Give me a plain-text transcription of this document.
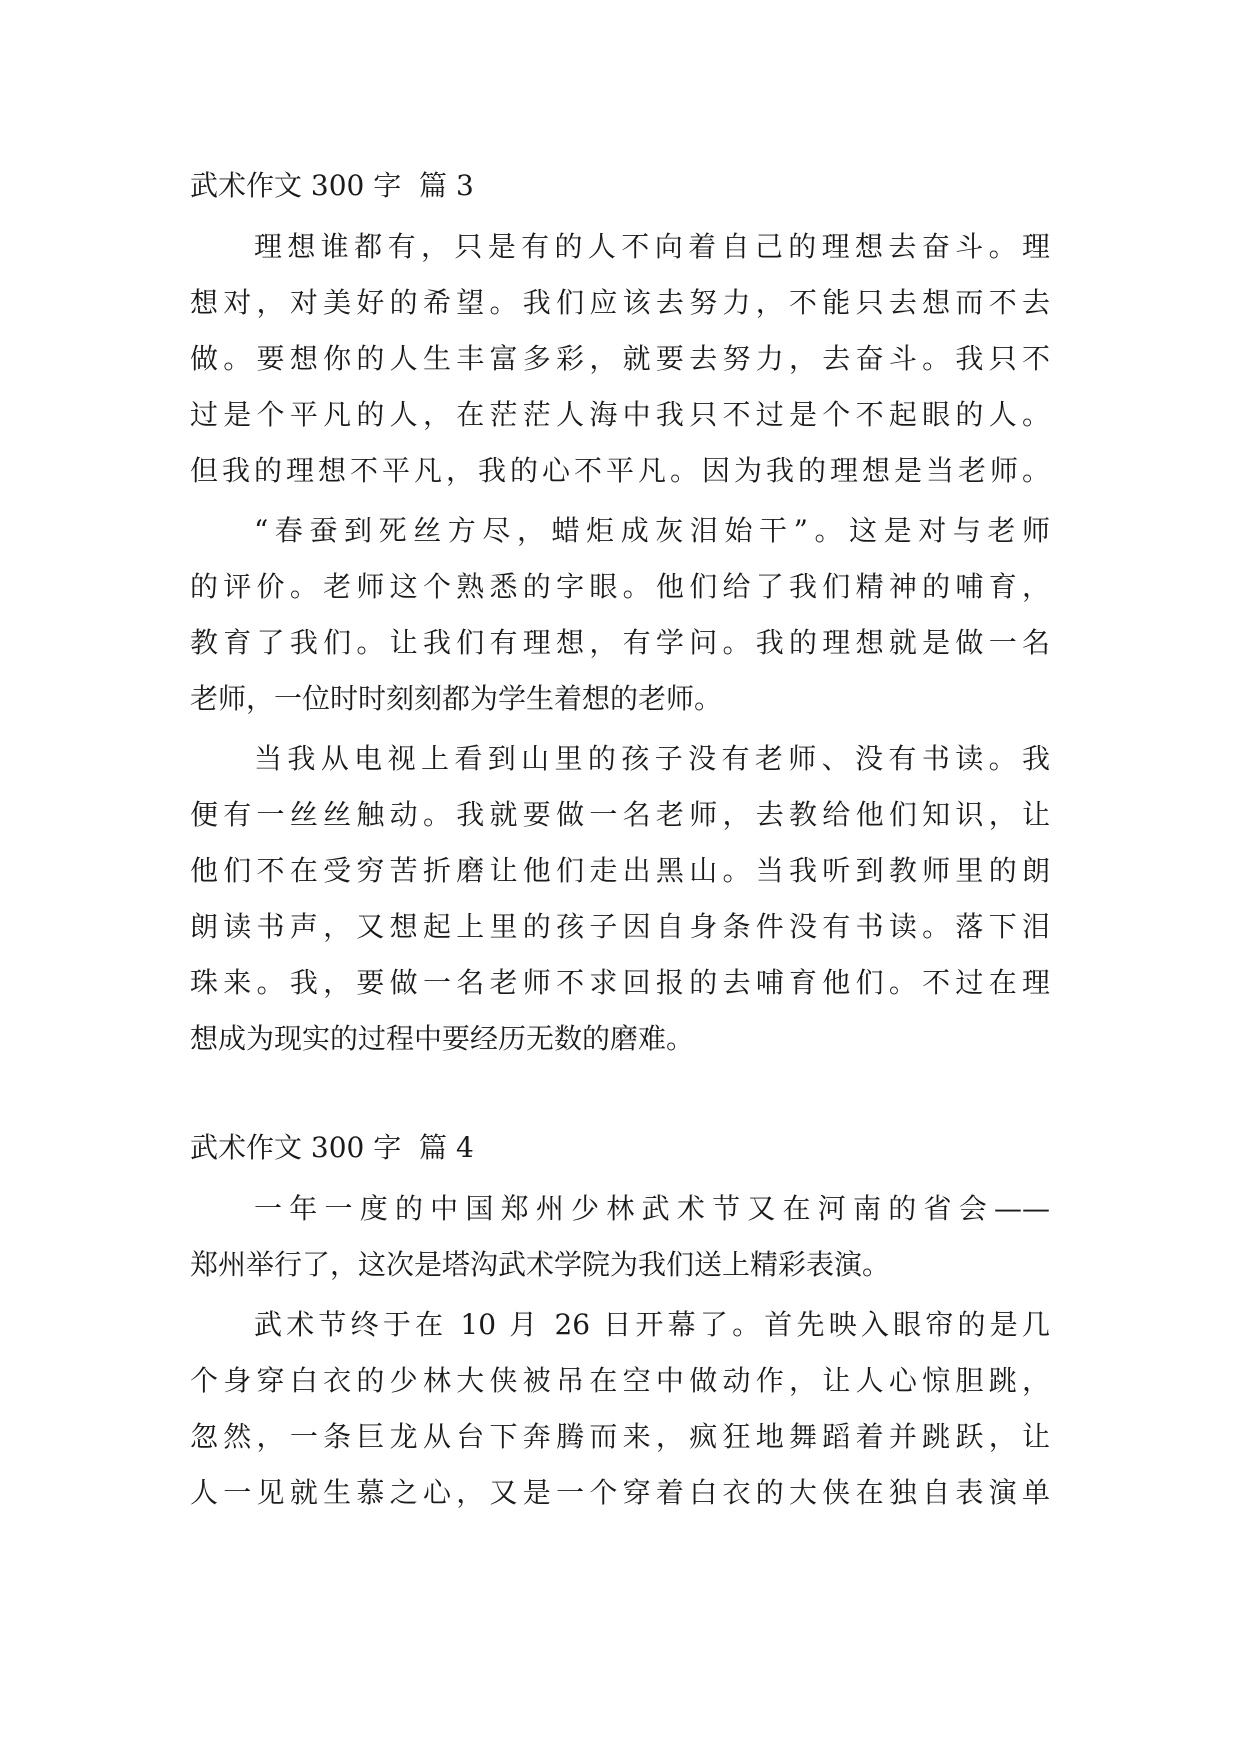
武术作文 300 字  篇 3
理想谁都有，只是有的人不向着自己的理想去奋斗。理
想对，对美好的希望。我们应该去努力，不能只去想而不去
做。要想你的人生丰富多彩，就要去努力，去奋斗。我只不
过是个平凡的人，在茫茫人海中我只不过是个不起眼的人。
但我的理想不平凡，我的心不平凡。因为我的理想是当老师。
“春蚕到死丝方尽，蜡炬成灰泪始干”。这是对与老师
的评价。老师这个熟悉的字眼。他们给了我们精神的哺育，
教育了我们。让我们有理想，有学问。我的理想就是做一名
老师，一位时时刻刻都为学生着想的老师。
当我从电视上看到山里的孩子没有老师、没有书读。我
便有一丝丝触动。我就要做一名老师，去教给他们知识，让
他们不在受穷苦折磨让他们走出黑山。当我听到教师里的朗
朗读书声，又想起上里的孩子因自身条件没有书读。落下泪
珠来。我，要做一名老师不求回报的去哺育他们。不过在理
想成为现实的过程中要经历无数的磨难。
武术作文 300 字  篇 4
一年一度的中国郑州少林武术节又在河南的省会——
郑州举行了，这次是塔沟武术学院为我们送上精彩表演。
武术节终于在 10 月 26 日开幕了。首先映入眼帘的是几
个身穿白衣的少林大侠被吊在空中做动作，让人心惊胆跳，
忽然，一条巨龙从台下奔腾而来，疯狂地舞蹈着并跳跃，让
人一见就生慕之心，又是一个穿着白衣的大侠在独自表演单
